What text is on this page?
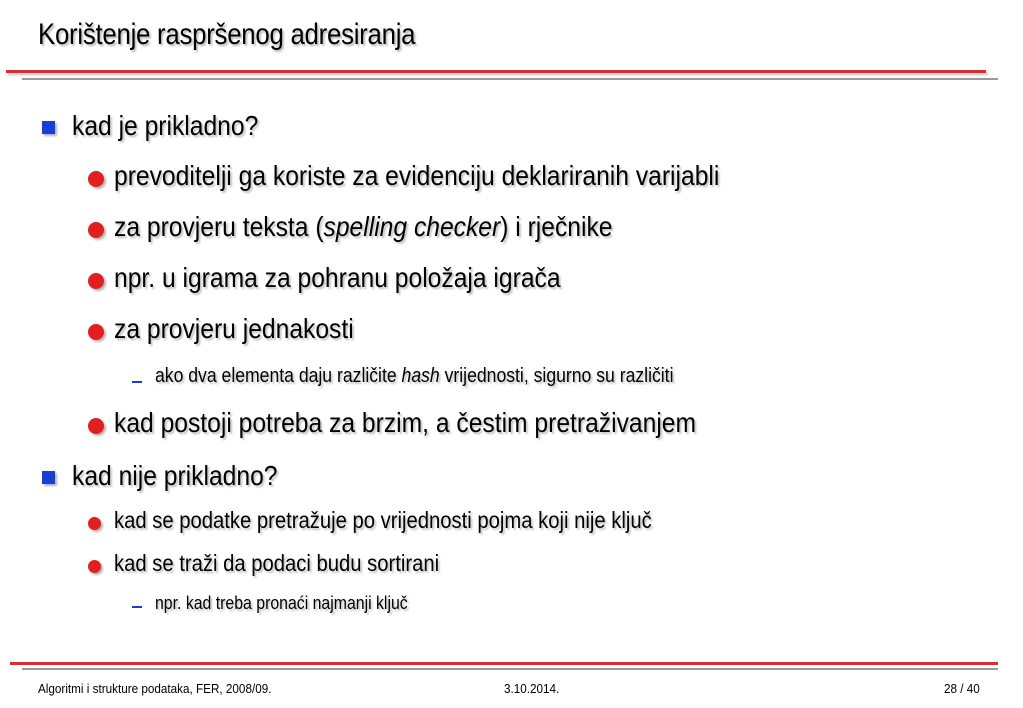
Korištenje raspršenog adresiranja
kad je prikladno?
prevoditelji ga koriste za evidenciju deklariranih varijabli
za provjeru teksta (spelling checker) i rječnike
npr. u igrama za pohranu položaja igrača
za provjeru jednakosti
ako dva elementa daju različite hash vrijednosti, sigurno su različiti
kad postoji potreba za brzim, a čestim pretraživanjem
kad nije prikladno?
kad se podatke pretražuje po vrijednosti pojma koji nije ključ
kad se traži da podaci budu sortirani
npr. kad treba pronaći najmanji ključ
Algoritmi i strukture podataka, FER, 2008/09.	3.10.2014.	28 / 40
